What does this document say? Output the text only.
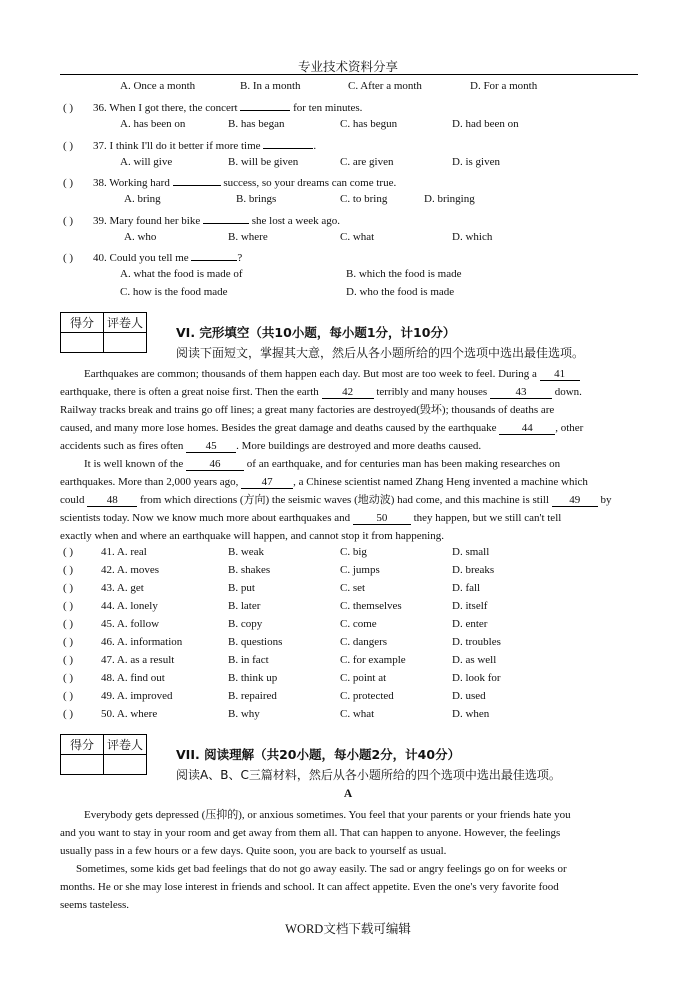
专业技术资料分享
A. Once a month	B. In a month	C. After a month	D. For a month
( ) 36. When I got there, the concert	for ten minutes.
A. has been on	B. has began	C. has begun	D. had been on
( ) 37. I think I'll do it better if more time	.
A. will give	B. will be given	C. are given	D. is given
( ) 38. Working hard	success, so your dreams can come true.
A. bring	B. brings	C. to bring	D. bringing
( ) 39. Mary found her bike	she lost a week ago.
A. who	B. where	C. what	D. which
( ) 40. Could you tell me	?
A. what the food is made of	B. which the food is made
C. how is the food made	D. who the food is made
得分	评卷人

VI. 完形填空（共10小题，每小题1分，计10分）
阅读下面短文，掌握其大意，然后从各小题所给的四个选项中选出最佳选项。
Earthquakes are common; thousands of them happen each day. But most are too week to feel. During a 41
earthquake, there is often a great noise first. Then the earth 42 terribly and many houses	43	down.
Railway tracks break and trains go off lines; a great many factories are destroyed(毁坏); thousands of deaths are
caused, and many more lose homes. Besides the great damage and deaths caused by the earthquake 44 , other
accidents such as fires often 45 . More buildings are destroyed and more deaths caused.
It is well known of the 46 of an earthquake, and for centuries man has been making researches on
earthquakes. More than 2,000 years ago, 47 , a Chinese scientist named Zhang Heng invented a machine which
could 48 from which directions (方向) the seismic waves (地动波) had come, and this machine is still 49 by
scientists today. Now we know much more about earthquakes and 50 they happen, but we still can't tell
exactly when and where an earthquake will happen, and cannot stop it from happening.
( )	41. A. real	B. weak	C. big	D. small
( )	42. A. moves	B. shakes	C. jumps	D. breaks
( )	43. A. get	B. put	C. set	D. fall
( )	44. A. lonely	B. later	C. themselves	D. itself
( )	45. A. follow	B. copy	C. come	D. enter
( )	46. A. information	B. questions	C. dangers	D. troubles
( )	47. A. as a result	B. in fact	C. for example	D. as well
( )	48. A. find out	B. think up	C. point at	D. look for
( )	49. A. improved	B. repaired	C. protected	D. used
( )	50. A. where	B. why	C. what	D. when
得分	评卷人

VII. 阅读理解（共20小题，每小题2分，计40分）
阅读A、B、C三篇材料，然后从各小题所给的四个选项中选出最佳选项。
A
Everybody gets depressed (压抑的), or anxious sometimes. You feel that your parents or your friends hate you
and you want to stay in your room and get away from them all. That can happen to anyone. However, the feelings
usually pass in a few hours or a few days. Quite soon, you are back to yourself as usual.
Sometimes, some kids get bad feelings that do not go away easily. The sad or angry feelings go on for weeks or
months. He or she may lose interest in friends and school. It can affect appetite. Even the one's very favorite food
seems tasteless.
WORD文档下载可编辑
